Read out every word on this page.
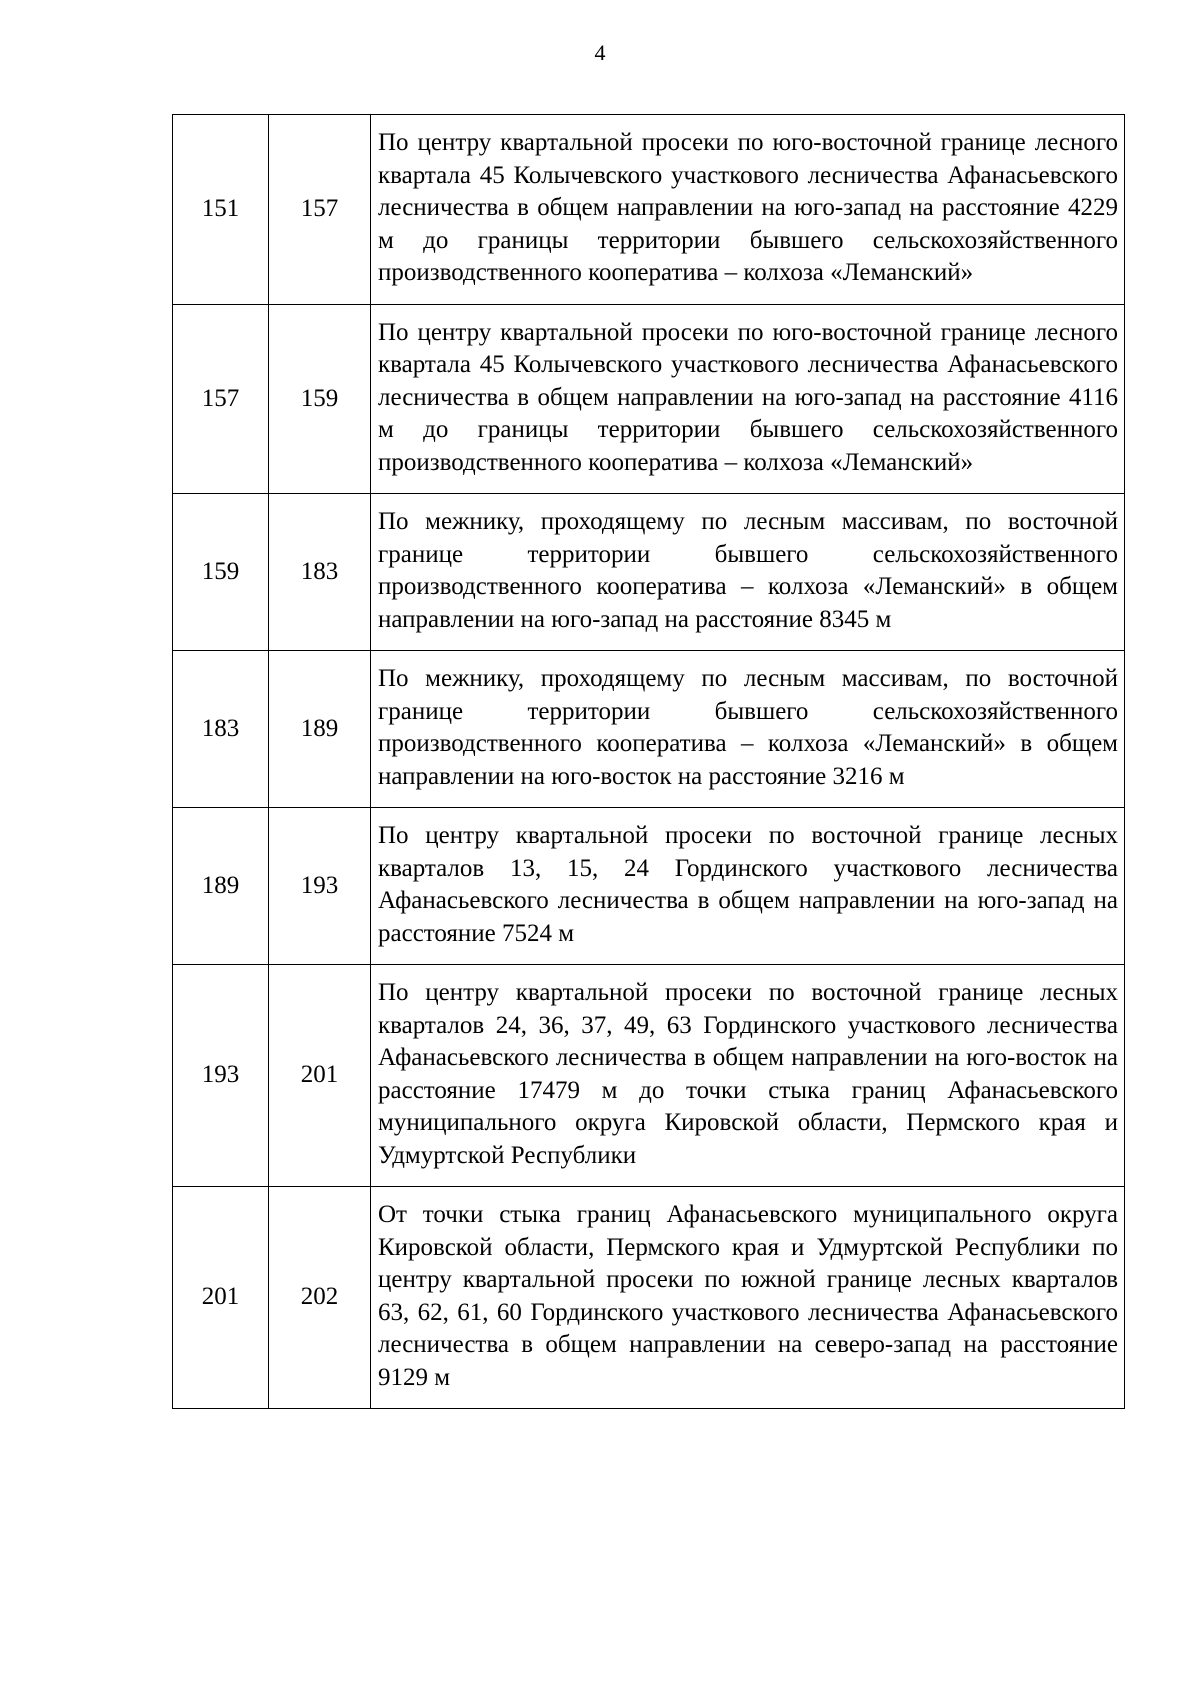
4
151	157	По центру квартальной просеки по юго-восточной границе лесного квартала 45 Колычевского участкового лесничества Афанасьевского лесничества в общем направлении на юго-запад на расстояние 4229 м до границы территории бывшего сельскохозяйственного производственного кооператива – колхоза «Леманский»
157	159	По центру квартальной просеки по юго-восточной границе лесного квартала 45 Колычевского участкового лесничества Афанасьевского лесничества в общем направлении на юго-запад на расстояние 4116 м до границы территории бывшего сельскохозяйственного производственного кооператива – колхоза «Леманский»
159	183	По межнику, проходящему по лесным массивам, по восточной границе территории бывшего сельскохозяйственного производственного кооператива – колхоза «Леманский» в общем направлении на юго-запад на расстояние 8345 м
183	189	По межнику, проходящему по лесным массивам, по восточной границе территории бывшего сельскохозяйственного производственного кооператива – колхоза «Леманский» в общем направлении на юго-восток на расстояние 3216 м
189	193	По центру квартальной просеки по восточной границе лесных кварталов 13, 15, 24 Гординского участкового лесничества Афанасьевского лесничества в общем направлении на юго-запад на расстояние 7524 м
193	201	По центру квартальной просеки по восточной границе лесных кварталов 24, 36, 37, 49, 63 Гординского участкового лесничества Афанасьевского лесничества в общем направлении на юго-восток на расстояние 17479 м до точки стыка границ Афанасьевского муниципального округа Кировской области, Пермского края и Удмуртской Республики
201	202	От точки стыка границ Афанасьевского муниципального округа Кировской области, Пермского края и Удмуртской Республики по центру квартальной просеки по южной границе лесных кварталов 63, 62, 61, 60 Гординского участкового лесничества Афанасьевского лесничества в общем направлении на северо-запад на расстояние 9129 м
